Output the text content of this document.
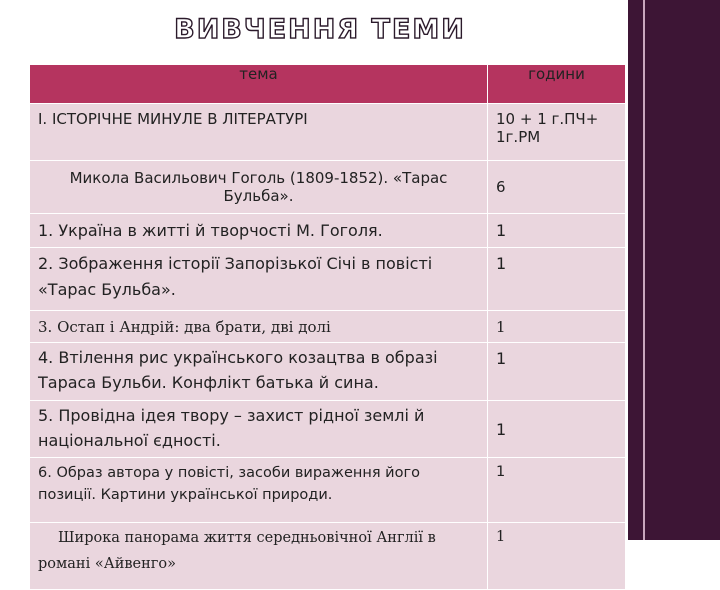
ВИВЧЕННЯ ТЕМИ
тема	години
І. ІСТОРІЧНЕ МИНУЛЕ В ЛІТЕРАТУРІ	10 + 1 г.ПЧ+ 1г.РМ
Микола Васильович Гоголь (1809-1852). «Тарас Бульба».	6
1. Україна в житті й творчості М. Гоголя.	1
2. Зображення історії Запорізької Січі в повісті «Тарас Бульба».	1
3. Остап і Андрій: два брати, дві долі	1
4. Втілення рис українського козацтва в образі Тараса Бульби. Конфлікт батька й сина.	1
5. Провідна ідея твору – захист рідної землі й національної єдності.	1
6. Образ автора у повісті, засоби вираження його позиції. Картини української природи.	1
Широка панорама життя середньовічної Англії в романі «Айвенго»	1
